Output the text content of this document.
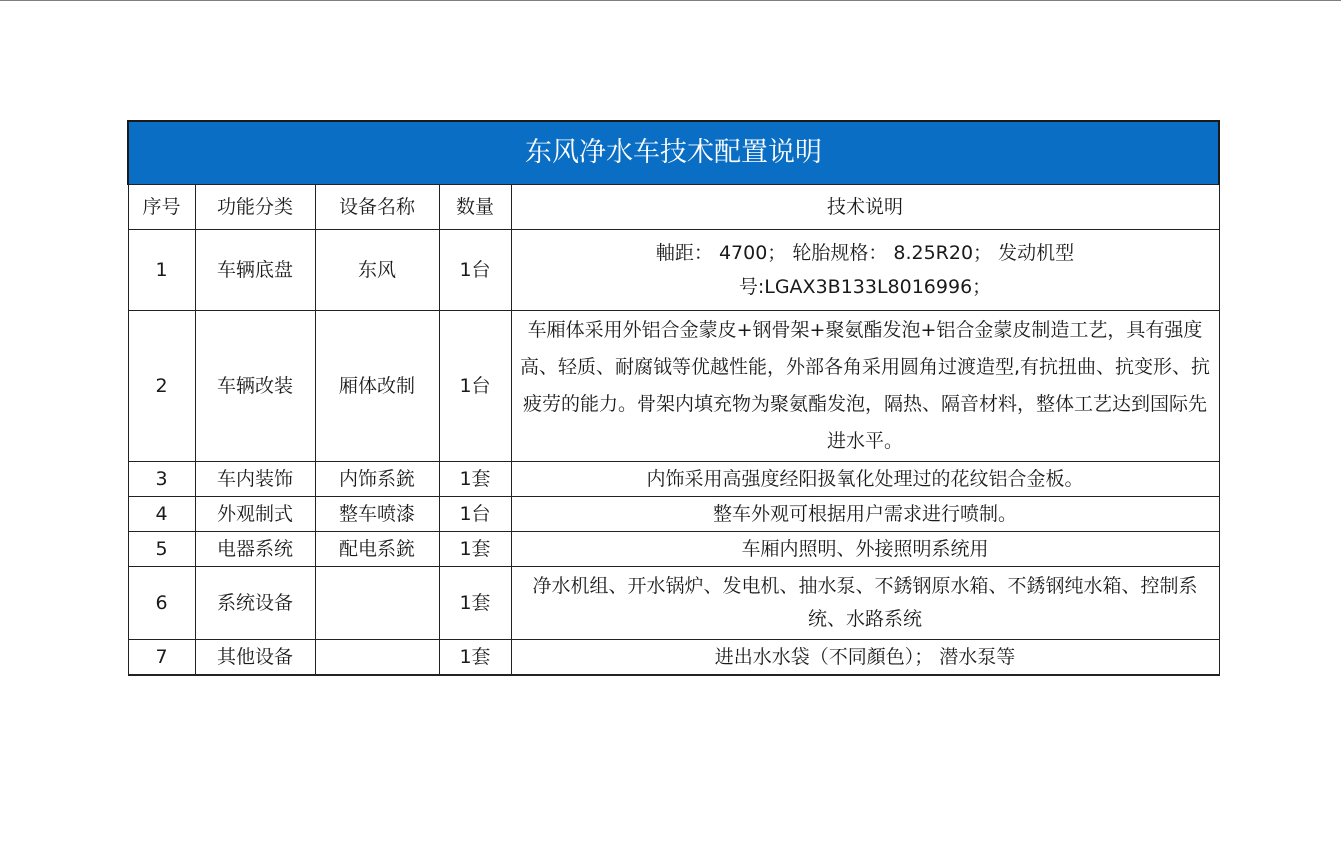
东风净水车技术配置说明				
序号	功能分类	设备名称	数量	技术说明
1	车辆底盘	东风	1台	軸距： 4700； 轮胎规格： 8.25R20； 发动机型号:LGAX3B133L8016996；
2	车辆改装	厢体改制	1台	车厢体采用外铝合金蒙皮+钢骨架+聚氨酯发泡+铝合金蒙皮制造工艺，具有强度高、轻质、耐腐钺等优越性能，外部各角采用圆角过渡造型,有抗扭曲、抗变形、抗疲劳的能力。骨架内填充物为聚氨酯发泡，隔热、隔音材料，整体工艺达到国际先进水平。
3	车内装饰	内饰系銃	1套	内饰采用高强度经阳扱氧化处理过的花纹铝合金板。
4	外观制式	整车喷漆	1台	整车外观可根据用户需求进行喷制。
5	电器系统	配电系銃	1套	车厢内照明、外接照明系统用
6	系统设备		1套	净水机组、开水锅炉、发电机、抽水泵、不銹钢原水箱、不銹钢纯水箱、控制系统、水路系统
7	其他设备		1套	进出水水袋（不同顏色）； 潜水泵等
